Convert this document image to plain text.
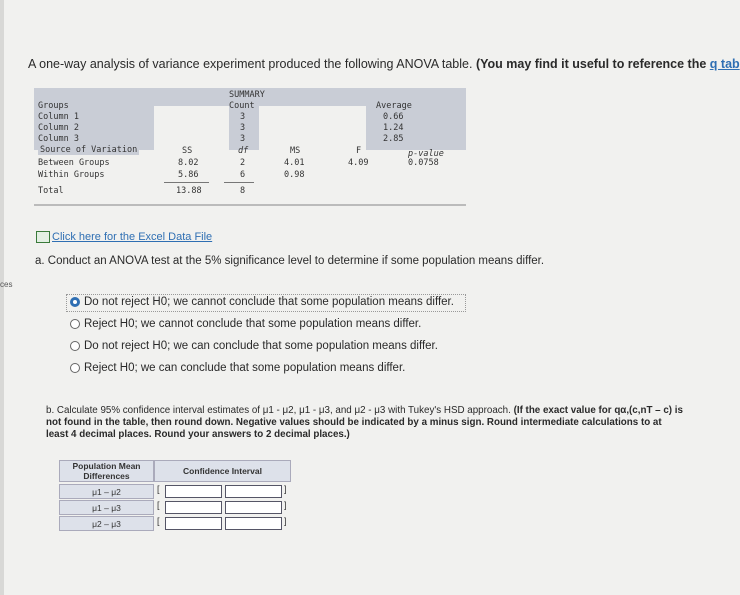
ces
A one-way analysis of variance experiment produced the following ANOVA table. (You may find it useful to reference the q tab
SUMMARY
Groups	Count	Average
Column 1	3	0.66
Column 2	3	1.24
Column 3	3	2.85
Source of Variation	SS	df	MS	F	p-value
Between Groups	8.02	2	4.01	4.09	0.0758
Within Groups	5.86	6	0.98
Total	13.88	8
Click here for the Excel Data File
a. Conduct an ANOVA test at the 5% significance level to determine if some population means differ.
Do not reject H0; we cannot conclude that some population means differ.
Reject H0; we cannot conclude that some population means differ.
Do not reject H0; we can conclude that some population means differ.
Reject H0; we can conclude that some population means differ.
b. Calculate 95% confidence interval estimates of μ1 - μ2, μ1 - μ3, and μ2 - μ3 with Tukey's HSD approach. (If the exact value for qα,(c,nT – c) is not found in the table, then round down. Negative values should be indicated by a minus sign. Round intermediate calculations to at least 4 decimal places. Round your answers to 2 decimal places.)
Population Mean Differences	Confidence Interval
μ1 – μ2	[	]
μ1 – μ3	[	]
μ2 – μ3	[	]
